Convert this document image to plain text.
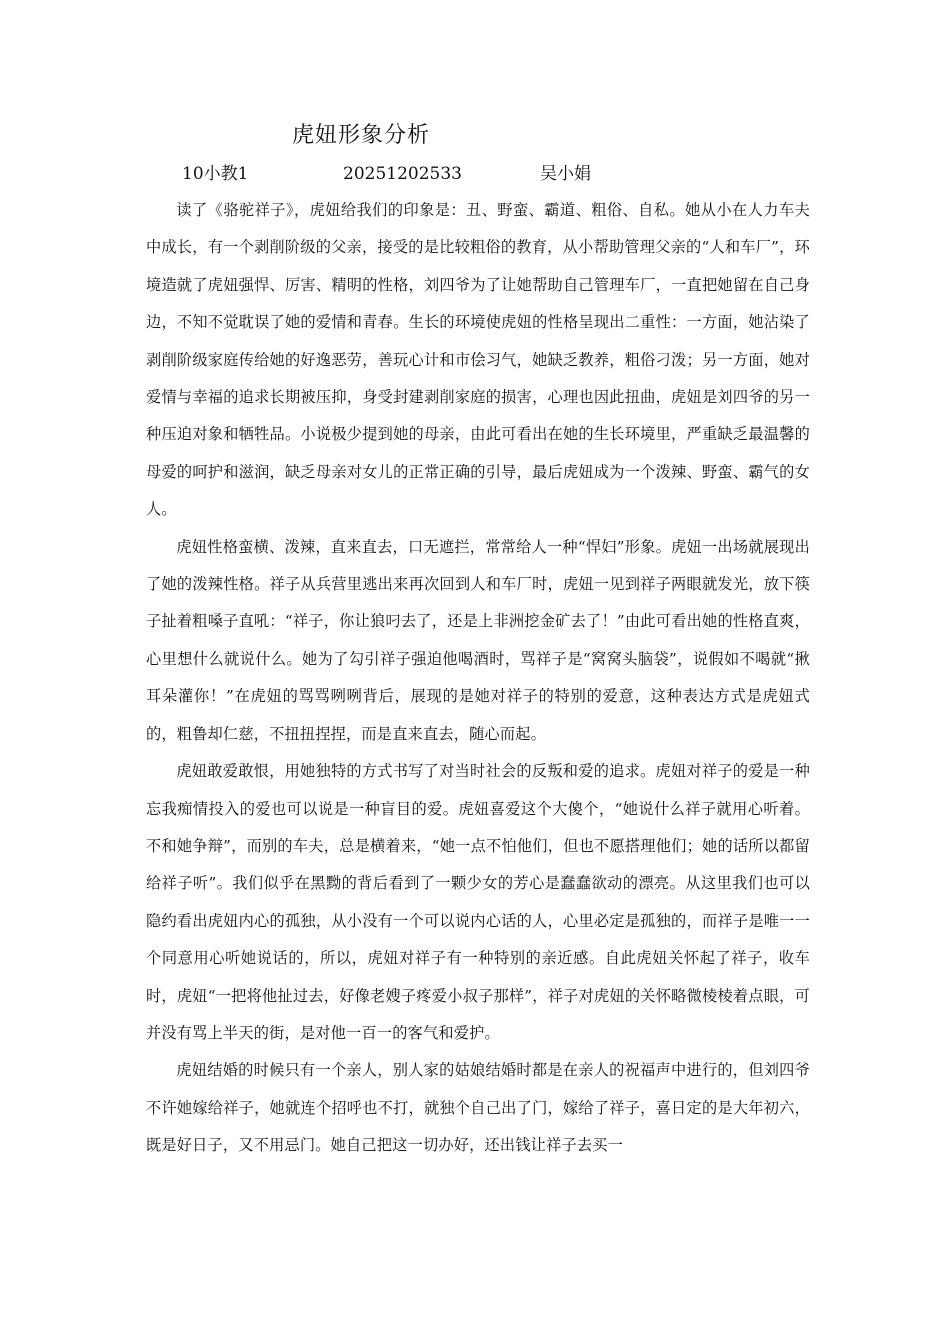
虎妞形象分析
10小教1	20251202533	吴小娟

读了《骆驼祥子》，虎妞给我们的印象是：丑、野蛮、霸道、粗俗、自私。她从小在人力车夫中成长，有一个剥削阶级的父亲，接受的是比较粗俗的教育，从小帮助管理父亲的“人和车厂”，环境造就了虎妞强悍、厉害、精明的性格，刘四爷为了让她帮助自己管理车厂，一直把她留在自己身边，不知不觉耽误了她的爱情和青春。生长的环境使虎妞的性格呈现出二重性：一方面，她沾染了剥削阶级家庭传给她的好逸恶劳，善玩心计和市侩习气，她缺乏教养，粗俗刁泼；另一方面，她对爱情与幸福的追求长期被压抑，身受封建剥削家庭的损害，心理也因此扭曲，虎妞是刘四爷的另一种压迫对象和牺牲品。小说极少提到她的母亲，由此可看出在她的生长环境里，严重缺乏最温馨的母爱的呵护和滋润，缺乏母亲对女儿的正常正确的引导，最后虎妞成为一个泼辣、野蛮、霸气的女人。

虎妞性格蛮横、泼辣，直来直去，口无遮拦，常常给人一种“悍妇”形象。虎妞一出场就展现出了她的泼辣性格。祥子从兵营里逃出来再次回到人和车厂时，虎妞一见到祥子两眼就发光，放下筷子扯着粗嗓子直吼：“祥子，你让狼叼去了，还是上非洲挖金矿去了！”由此可看出她的性格直爽，心里想什么就说什么。她为了勾引祥子强迫他喝酒时，骂祥子是“窝窝头脑袋”，说假如不喝就“揪耳朵灌你！”在虎妞的骂骂咧咧背后，展现的是她对祥子的特别的爱意，这种表达方式是虎妞式的，粗鲁却仁慈，不扭扭捏捏，而是直来直去，随心而起。

虎妞敢爱敢恨，用她独特的方式书写了对当时社会的反叛和爱的追求。虎妞对祥子的爱是一种忘我痴情投入的爱也可以说是一种盲目的爱。虎妞喜爱这个大傻个，“她说什么祥子就用心听着。不和她争辩”，而别的车夫，总是横着来，“她一点不怕他们，但也不愿搭理他们；她的话所以都留给祥子听”。我们似乎在黑黝的背后看到了一颗少女的芳心是蠢蠢欲动的漂亮。从这里我们也可以隐约看出虎妞内心的孤独，从小没有一个可以说内心话的人，心里必定是孤独的，而祥子是唯一一个同意用心听她说话的，所以，虎妞对祥子有一种特别的亲近感。自此虎妞关怀起了祥子，收车时，虎妞“一把将他扯过去，好像老嫂子疼爱小叔子那样”，祥子对虎妞的关怀略微棱棱着点眼，可并没有骂上半天的街，是对他一百一的客气和爱护。

虎妞结婚的时候只有一个亲人，别人家的姑娘结婚时都是在亲人的祝福声中进行的，但刘四爷不许她嫁给祥子，她就连个招呼也不打，就独个自己出了门，嫁给了祥子，喜日定的是大年初六，既是好日子，又不用忌门。她自己把这一切办好，还出钱让祥子去买一
